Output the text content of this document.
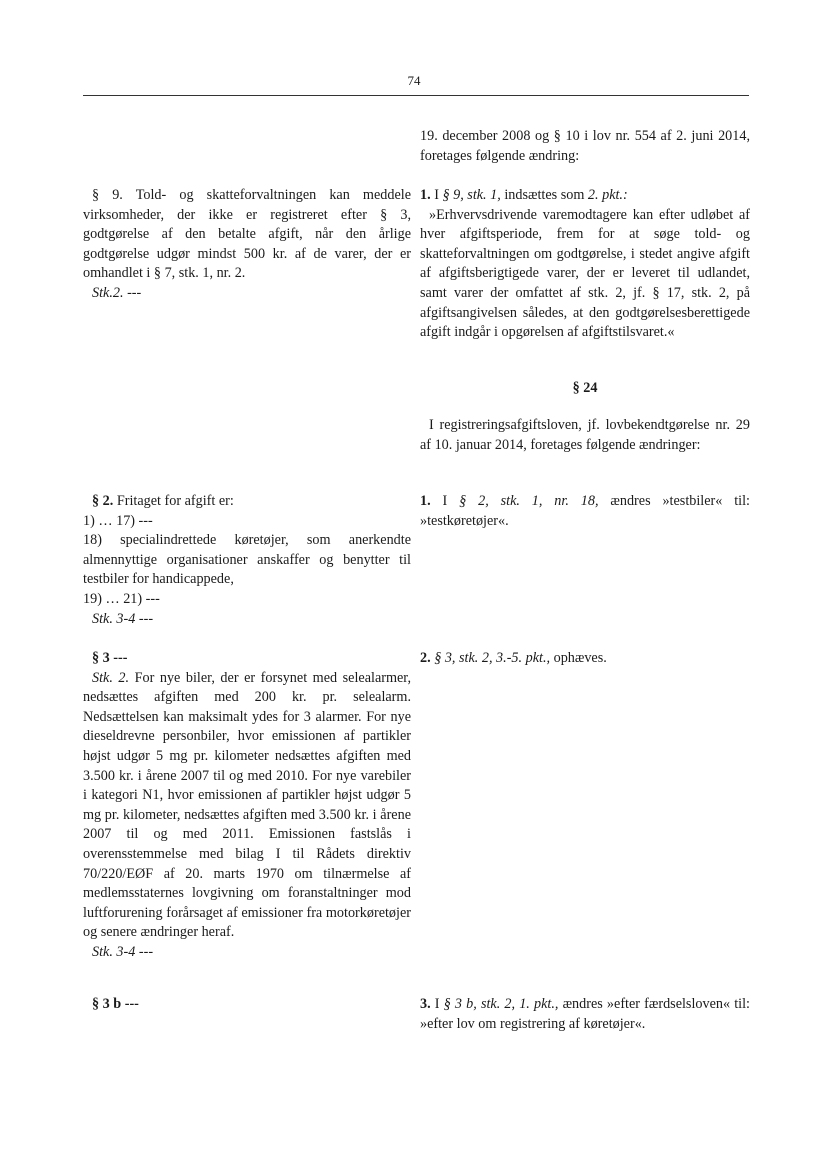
74

19. december 2008 og § 10 i lov nr. 554 af 2. juni 2014, foretages følgende ændring:

1. I § 9, stk. 1, indsættes som 2. pkt.:

»Erhvervsdrivende varemodtagere kan efter udløbet af hver afgiftsperiode, frem for at søge told- og skatteforvaltningen om godtgørelse, i stedet angive afgift af afgiftsberigtigede varer, der er leveret til udlandet, samt varer der omfattet af stk. 2, jf. § 17, stk. 2, på afgiftsangivelsen således, at den godtgørelsesberettigede afgift indgår i opgørelsen af afgiftstilsvaret.«

§ 24

I registreringsafgiftsloven, jf. lovbekendtgørelse nr. 29 af 10. januar 2014, foretages følgende ændringer:

1. I § 2, stk. 1, nr. 18, ændres »testbiler« til: »testkøretøjer«.

2. § 3, stk. 2, 3.-5. pkt., ophæves.

3. I § 3 b, stk. 2, 1. pkt., ændres »efter færdselsloven« til: »efter lov om registrering af køretøjer«.

§ 9. Told- og skatteforvaltningen kan meddele virksomheder, der ikke er registreret efter § 3, godtgørelse af den betalte afgift, når den årlige godtgørelse udgør mindst 500 kr. af de varer, der er omhandlet i § 7, stk. 1, nr. 2.

Stk.2. ---

§ 2. Fritaget for afgift er:

1) … 17) ---

18) specialindrettede køretøjer, som anerkendte almennyttige organisationer anskaffer og benytter til testbiler for handicappede,

19) … 21) ---

Stk. 3-4 ---

§ 3 ---

Stk. 2. For nye biler, der er forsynet med selealarmer, nedsættes afgiften med 200 kr. pr. selealarm. Nedsættelsen kan maksimalt ydes for 3 alarmer. For nye dieseldrevne personbiler, hvor emissionen af partikler højst udgør 5 mg pr. kilometer nedsættes afgiften med 3.500 kr. i årene 2007 til og med 2010. For nye varebiler i kategori N1, hvor emissionen af partikler højst udgør 5 mg pr. kilometer, nedsættes afgiften med 3.500 kr. i årene 2007 til og med 2011. Emissionen fastslås i overensstemmelse med bilag I til Rådets direktiv 70/220/EØF af 20. marts 1970 om tilnærmelse af medlemsstaternes lovgivning om foranstaltninger mod luftforurening forårsaget af emissioner fra motorkøretøjer og senere ændringer heraf.

Stk. 3-4 ---

§ 3 b ---
